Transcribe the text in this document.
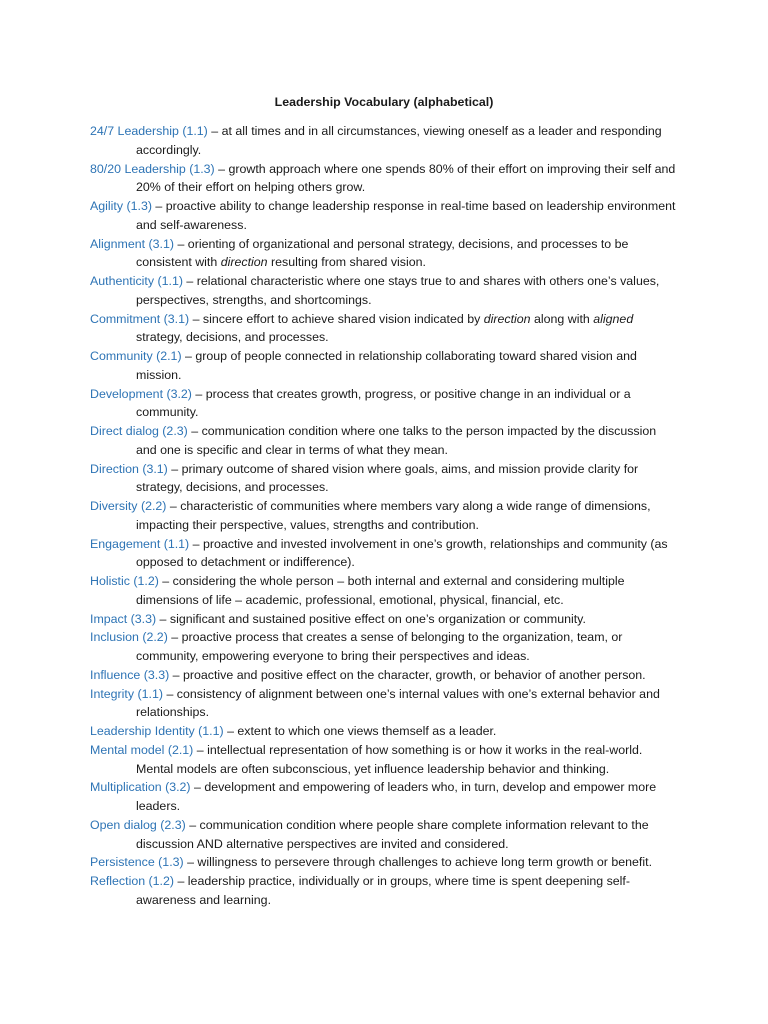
Leadership Vocabulary (alphabetical)

24/7 Leadership (1.1) – at all times and in all circumstances, viewing oneself as a leader and responding accordingly.

80/20 Leadership (1.3) – growth approach where one spends 80% of their effort on improving their self and 20% of their effort on helping others grow.

Agility (1.3) – proactive ability to change leadership response in real-time based on leadership environment and self-awareness.

Alignment (3.1) – orienting of organizational and personal strategy, decisions, and processes to be consistent with direction resulting from shared vision.

Authenticity (1.1) – relational characteristic where one stays true to and shares with others one’s values, perspectives, strengths, and shortcomings.

Commitment (3.1) – sincere effort to achieve shared vision indicated by direction along with aligned strategy, decisions, and processes.

Community (2.1) – group of people connected in relationship collaborating toward shared vision and mission.

Development (3.2) – process that creates growth, progress, or positive change in an individual or a community.

Direct dialog (2.3) – communication condition where one talks to the person impacted by the discussion and one is specific and clear in terms of what they mean.

Direction (3.1) – primary outcome of shared vision where goals, aims, and mission provide clarity for strategy, decisions, and processes.

Diversity (2.2) – characteristic of communities where members vary along a wide range of dimensions, impacting their perspective, values, strengths and contribution.

Engagement (1.1) – proactive and invested involvement in one’s growth, relationships and community (as opposed to detachment or indifference).

Holistic (1.2) – considering the whole person – both internal and external and considering multiple dimensions of life – academic, professional, emotional, physical, financial, etc.

Impact (3.3) – significant and sustained positive effect on one’s organization or community.

Inclusion (2.2) – proactive process that creates a sense of belonging to the organization, team, or community, empowering everyone to bring their perspectives and ideas.

Influence (3.3) – proactive and positive effect on the character, growth, or behavior of another person.

Integrity (1.1) – consistency of alignment between one’s internal values with one’s external behavior and relationships.

Leadership Identity (1.1) – extent to which one views themself as a leader.

Mental model (2.1) – intellectual representation of how something is or how it works in the real-world. Mental models are often subconscious, yet influence leadership behavior and thinking.

Multiplication (3.2) – development and empowering of leaders who, in turn, develop and empower more leaders.

Open dialog (2.3) – communication condition where people share complete information relevant to the discussion AND alternative perspectives are invited and considered.

Persistence (1.3) – willingness to persevere through challenges to achieve long term growth or benefit.

Reflection (1.2) – leadership practice, individually or in groups, where time is spent deepening self-awareness and learning.
